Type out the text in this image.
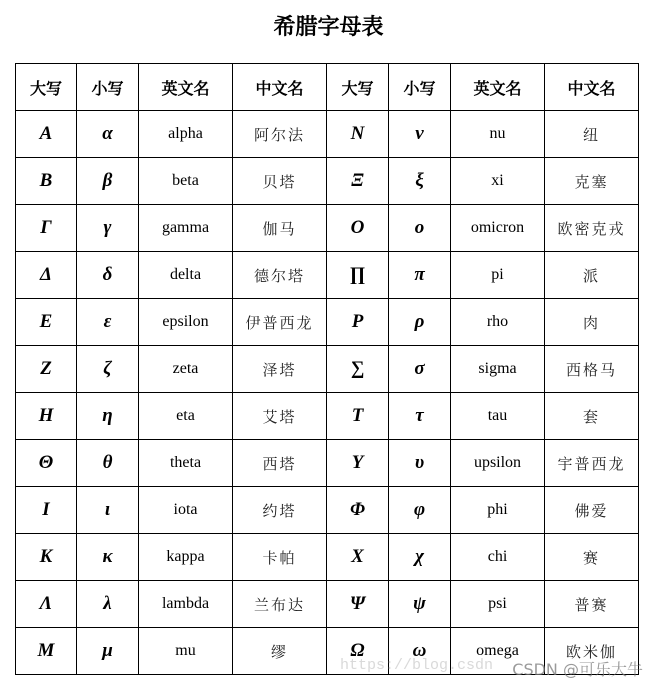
希腊字母表
大写	小写	英文名	中文名	大写	小写	英文名	中文名
Α	α	alpha	阿尔法	Ν	ν	nu	纽
Β	β	beta	贝塔	Ξ	ξ	xi	克塞
Γ	γ	gamma	伽马	Ο	ο	omicron	欧密克戎
Δ	δ	delta	德尔塔	∏	π	pi	派
Ε	ε	epsilon	伊普西龙	Ρ	ρ	rho	肉
Ζ	ζ	zeta	泽塔	∑	σ	sigma	西格马
Η	η	eta	艾塔	Τ	τ	tau	套
Θ	θ	theta	西塔	Υ	υ	upsilon	宇普西龙
Ι	ι	iota	约塔	Φ	φ	phi	佛爱
Κ	κ	kappa	卡帕	Χ	χ	chi	赛
Λ	λ	lambda	兰布达	Ψ	ψ	psi	普赛
Μ	μ	mu	缪	Ω	ω	omega	欧米伽
https://blog.csdn CSDN @可乐大牛
